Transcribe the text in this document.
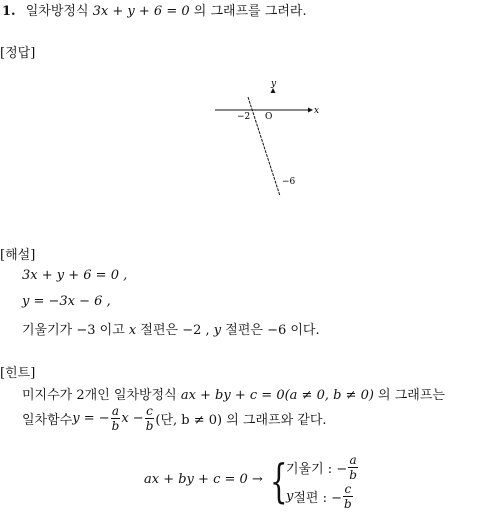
1. 일차방정식 3x + y + 6 = 0 의 그래프를 그려라.
[정답]
x
y
O
−2
−6
[해설]
3x + y + 6 = 0 ,
y = −3x − 6 ,
기울기가 −3 이고 x 절편은 −2 , y 절편은 −6 이다.
[힌트]
미지수가 2개인 일차방정식 ax + by + c = 0(a ≠ 0, b ≠ 0) 의 그래프는
일차함수 y = − $\frac{a}{b}$ $x - \frac{c}{b}$ (단, b ≠ 0) 의 그래프와 같다.
ax + by + c = 0 → {
기울기 : − $\frac{a}{b}$
y 절편 : − $\frac{c}{b}$
